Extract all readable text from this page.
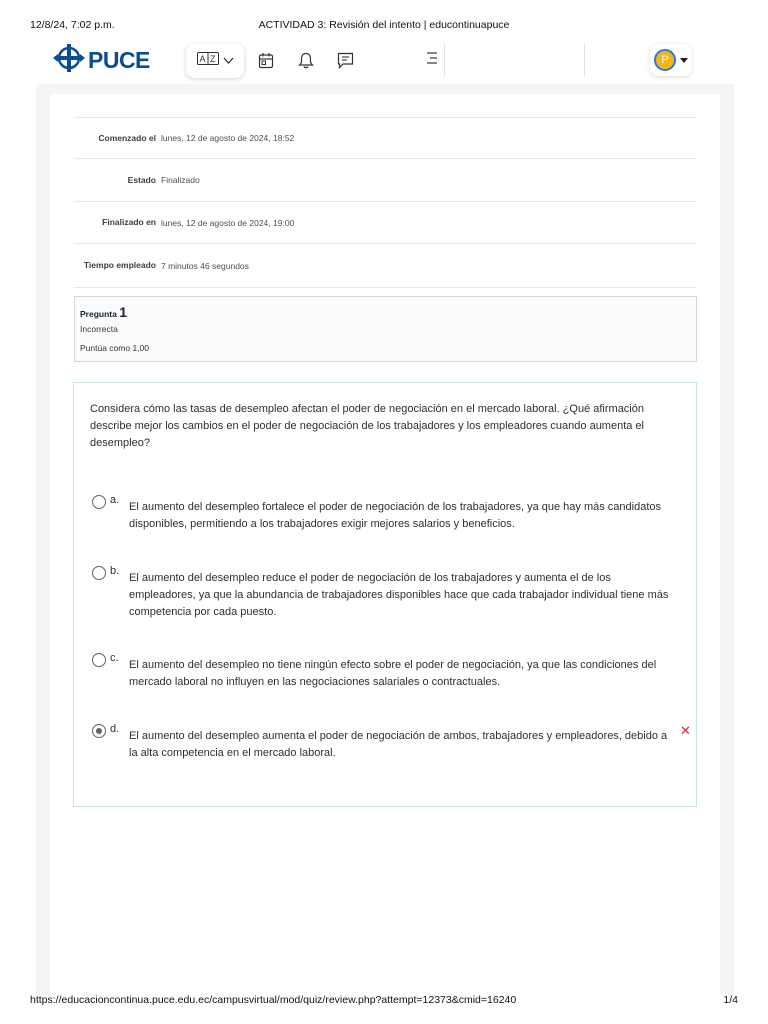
12/8/24, 7:02 p.m.	ACTIVIDAD 3: Revisión del intento | educontinuapuce
PUCE	A Z	P
Comenzado el lunes, 12 de agosto de 2024, 18:52
Estado Finalizado
Finalizado en lunes, 12 de agosto de 2024, 19:00
Tiempo empleado 7 minutos 46 segundos
Pregunta 1
Incorrecta
Puntúa como 1,00
Considera cómo las tasas de desempleo afectan el poder de negociación en el mercado laboral. ¿Qué afirmación describe mejor los cambios en el poder de negociación de los trabajadores y los empleadores cuando aumenta el desempleo?
a.
El aumento del desempleo fortalece el poder de negociación de los trabajadores, ya que hay más candidatos disponibles, permitiendo a los trabajadores exigir mejores salarios y beneficios.
b.
El aumento del desempleo reduce el poder de negociación de los trabajadores y aumenta el de los empleadores, ya que la abundancia de trabajadores disponibles hace que cada trabajador individual tiene más competencia por cada puesto.
c.
El aumento del desempleo no tiene ningún efecto sobre el poder de negociación, ya que las condiciones del mercado laboral no influyen en las negociaciones salariales o contractuales.
d.
El aumento del desempleo aumenta el poder de negociación de ambos, trabajadores y empleadores, debido a la alta competencia en el mercado laboral.
✕
https://educacioncontinua.puce.edu.ec/campusvirtual/mod/quiz/review.php?attempt=12373&cmid=16240	1/4
